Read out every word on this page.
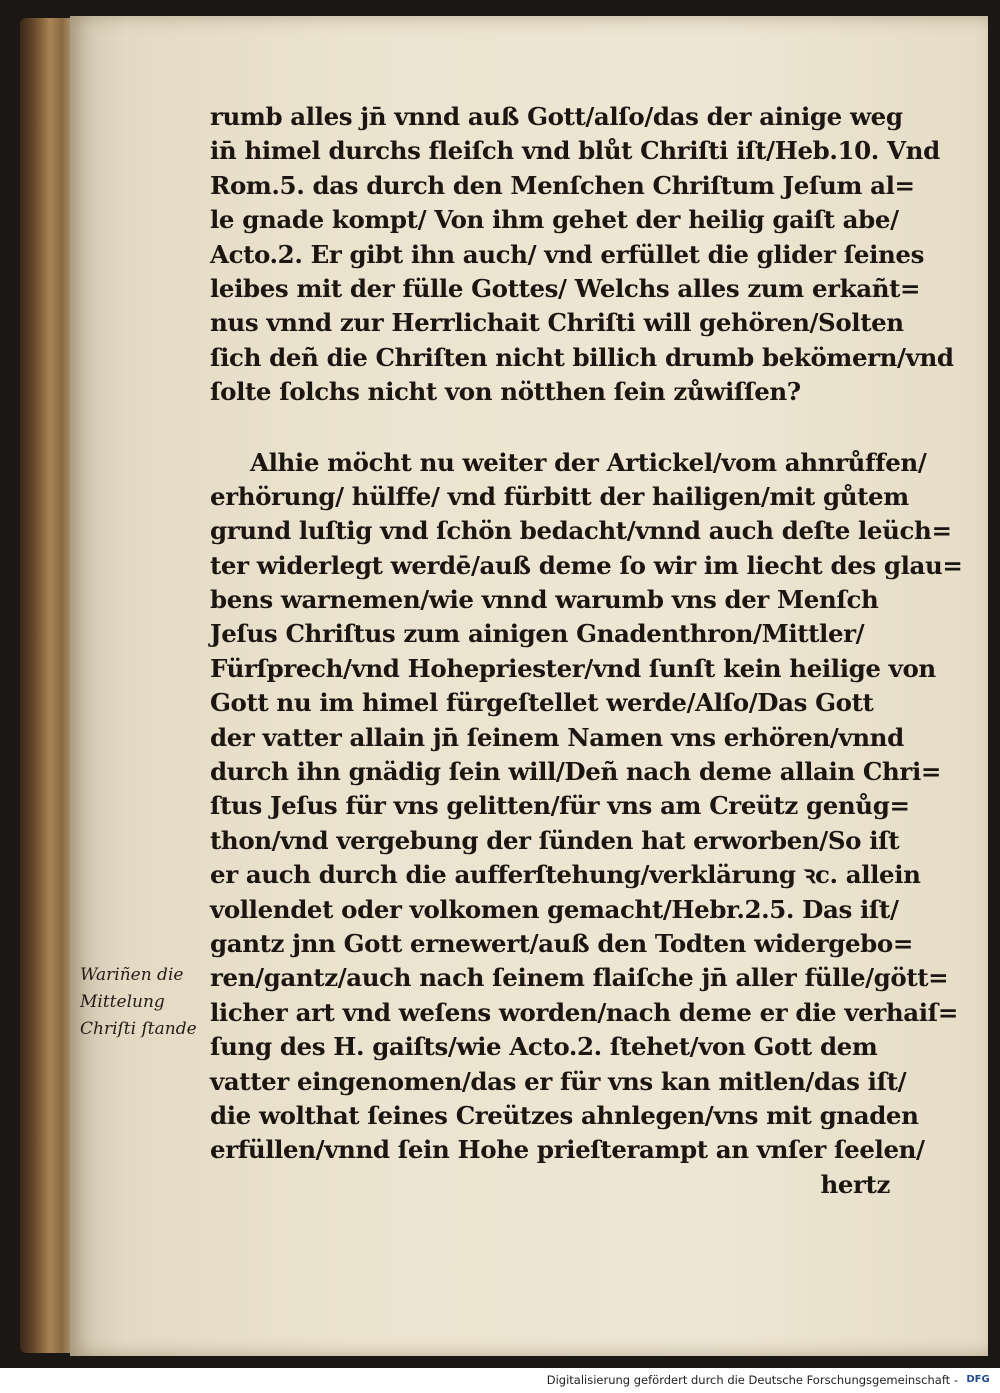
rumb alles jn̄ vnnd auß Gott/alſo/das der ainige weg
in̄ himel durchs fleiſch vnd blůt Chriſti iſt/Heb.10. Vnd
Rom.5. das durch den Menſchen Chriſtum Jeſum al=
le gnade kompt/ Von ihm gehet der heilig gaiſt abe/
Acto.2. Er gibt ihn auch/ vnd erfüllet die glider ſeines
leibes mit der fülle Gottes/ Welchs alles zum erkañt=
nus vnnd zur Herrlichait Chriſti will gehören/Solten
ſich deñ die Chriſten nicht billich drumb bekömern/vnd
ſolte ſolchs nicht von nötthen ſein zůwiſſen?
Alhie möcht nu weiter der Artickel/vom ahnrůffen/
erhörung/ hülffe/ vnd fürbitt der hailigen/mit gůtem
grund luſtig vnd ſchön bedacht/vnnd auch deſte leüch=
ter widerlegt werdē/auß deme ſo wir im liecht des glau=
bens warnemen/wie vnnd warumb vns der Menſch
Jeſus Chriſtus zum ainigen Gnadenthron/Mittler/
Fürſprech/vnd Hohepriester/vnd ſunſt kein heilige von
Gott nu im himel fürgeſtellet werde/Alſo/Das Gott
der vatter allain jn̄ ſeinem Namen vns erhören/vnnd
durch ihn gnädig ſein will/Deñ nach deme allain Chri=
ſtus Jeſus für vns gelitten/für vns am Creütz genůg=
thon/vnd vergebung der ſünden hat erworben/So iſt
er auch durch die aufferſtehung/verklärung ꝛc. allein
vollendet oder volkomen gemacht/Hebr.2.5. Das iſt/
gantz jnn Gott ernewert/auß den Todten widergebo=
ren/gantz/auch nach ſeinem flaiſche jn̄ aller fülle/gött=
licher art vnd weſens worden/nach deme er die verhaiſ=
ſung des H. gaiſts/wie Acto.2. ſtehet/von Gott dem
vatter eingenomen/das er für vns kan mitlen/das iſt/
die wolthat ſeines Creützes ahnlegen/vns mit gnaden
erfüllen/vnnd ſein Hohe prieſterampt an vnſer ſeelen/
hertz
Wariñen die
Mittelung
Chriſti ſtande
Digitalisierung gefördert durch die Deutsche Forschungsgemeinschaft - DFG
